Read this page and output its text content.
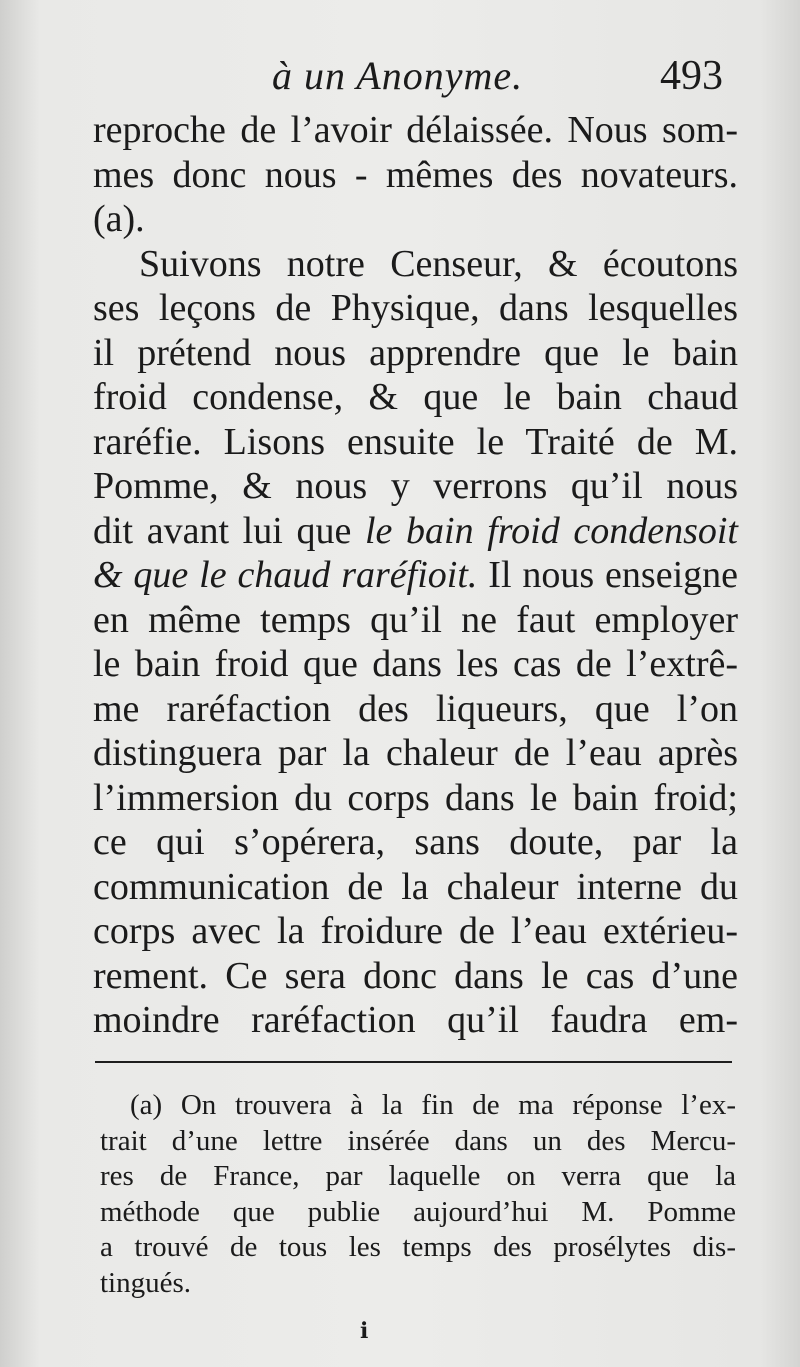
à un Anonyme.	493
reproche de l’avoir délaissée. Nous som-
mes donc nous - mêmes des novateurs.
(a).
Suivons notre Censeur, & écoutons
ses leçons de Physique, dans lesquelles
il prétend nous apprendre que le bain
froid condense, & que le bain chaud
raréfie. Lisons ensuite le Traité de M.
Pomme, & nous y verrons qu’il nous
dit avant lui que le bain froid condensoit
& que le chaud raréfioit. Il nous enseigne
en même temps qu’il ne faut employer
le bain froid que dans les cas de l’extrê-
me raréfaction des liqueurs, que l’on
distinguera par la chaleur de l’eau après
l’immersion du corps dans le bain froid;
ce qui s’opérera, sans doute, par la
communication de la chaleur interne du
corps avec la froidure de l’eau extérieu-
rement. Ce sera donc dans le cas d’une
moindre raréfaction qu’il faudra em-
(a) On trouvera à la fin de ma réponse l’ex-
trait d’une lettre insérée dans un des Mercu-
res de France, par laquelle on verra que la
méthode que publie aujourd’hui M. Pomme
a trouvé de tous les temps des prosélytes dis-
tingués.
ℹ
